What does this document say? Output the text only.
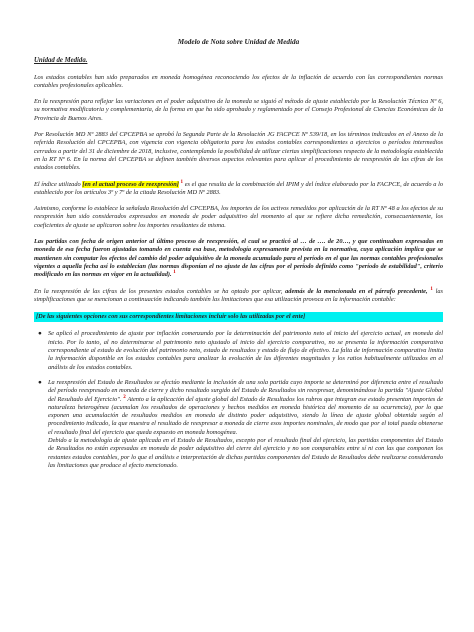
Modelo de Nota sobre Unidad de Medida
Unidad de Medida.

Los estados contables han sido preparados en moneda homogénea reconociendo los efectos de la inflación de acuerdo con las correspondientes normas contables profesionales aplicables.

En la reexpresión para reflejar las variaciones en el poder adquisitivo de la moneda se siguió el método de ajuste establecido por la Resolución Técnica Nº 6, su normativa modificatoria y complementaria, de la forma en que ha sido aprobado y reglamentado por el Consejo Profesional de Ciencias Económicas de la Provincia de Buenos Aires.

Por Resolución MD Nº 2883 del CPCEPBA se aprobó la Segunda Parte de la Resolución JG FACPCE Nº 539/18, en los términos indicados en el Anexo de la referida Resolución del CPCEPBA, con vigencia con vigencia obligatoria para los estados contables correspondientes a ejercicios o períodos intermedios cerrados a partir del 31 de diciembre de 2018, inclusive, contemplando la posibilidad de utilizar ciertas simplificaciones respecto de la metodología establecida en la RT Nº 6. En la norma del CPCEPBA se definen también diversos aspectos relevantes para aplicar el procedimiento de reexpresión de las cifras de los estados contables.

El índice utilizado [en el actual proceso de reexpresión] $^1$ es el que resulta de la combinación del IPIM y del índice elaborado por la FACPCE, de acuerdo a lo establecido por los artículos 3º y 7º de la citada Resolución MD Nº 2883.

Asimismo, conforme lo establece la señalada Resolución del CPCEPBA, los importes de los activos remedidos por aplicación de la RT Nº 48 a los efectos de su reexpresión han sido considerados expresados en moneda de poder adquisitivo del momento al que se refiere dicha remedición, consecuentemente, los coeficientes de ajuste se aplicaron sobre los importes resultantes de misma.

Las partidas con fecha de origen anterior al último proceso de reexpresión, el cual se practicó al … de …. de 20…, y que continuaban expresadas en moneda de esa fecha fueron ajustadas tomando en cuenta esa base, metodología expresamente prevista en la normativa, cuya aplicación implica que se mantienen sin computar los efectos del cambio del poder adquisitivo de la moneda acumulado para el período en el que las normas contables profesionales vigentes a aquella fecha así lo establecían (las normas disponían el no ajuste de las cifras por el período definido como "período de estabilidad", criterio modificado en las normas en vigor en la actualidad). $^1$

En la reexpresión de las cifras de los presentes estados contables se ha optado por aplicar, además de la mencionada en el párrafo precedente, $^1$ las simplificaciones que se mencionan a continuación indicando también las limitaciones que esa utilización provoca en la información contable:

[De las siguientes opciones con sus correspondientes limitaciones incluir solo las utilizadas por el ente]
● Se aplicó el procedimiento de ajuste por inflación comenzando por la determinación del patrimonio neto al inicio del ejercicio actual, en moneda del inicio. Por lo tanto, al no determinarse el patrimonio neto ajustado al inicio del ejercicio comparativo, no se presenta la información comparativa correspondiente al estado de evolución del patrimonio neto, estado de resultados y estado de flujo de efectivo. La falta de información comparativa limita la información disponible en los estados contables para analizar la evolución de las diferentes magnitudes y los ratios habitualmente utilizados en el análisis de los estados contables.
● La reexpresión del Estado de Resultados se efectúo mediante la inclusión de una sola partida cuyo importe se determinó por diferencia entre el resultado del período reexpresado en moneda de cierre y dicho resultado surgido del Estado de Resultados sin reexpresar, denominándose la partida "Ajuste Global del Resultado del Ejercicio". $^2$ Atento a la aplicación del ajuste global del Estado de Resultados los rubros que integran ese estado presentan importes de naturaleza heterogénea (acumulan los resultados de operaciones y hechos medidos en moneda histórica del momento de su ocurrencia), por lo que exponen una acumulación de resultados medidos en moneda de distinto poder adquisitivo, siendo la línea de ajuste global obtenida según el procedimiento indicado, la que muestra el resultado de reexpresar a moneda de cierre esos importes nominales, de modo que por el total pueda obtenerse el resultado final del ejercicio que queda expuesto en moneda homogénea.
Debido a la metodología de ajuste aplicada en el Estado de Resultados, excepto por el resultado final del ejercicio, las partidas componentes del Estado de Resultados no están expresadas en moneda de poder adquisitivo del cierre del ejercicio y no son comparables entre sí ni con las que componen los restantes estados contables, por lo que el análisis e interpretación de dichas partidas componentes del Estado de Resultados debe realizarse considerando las limitaciones que produce el efecto mencionado.
